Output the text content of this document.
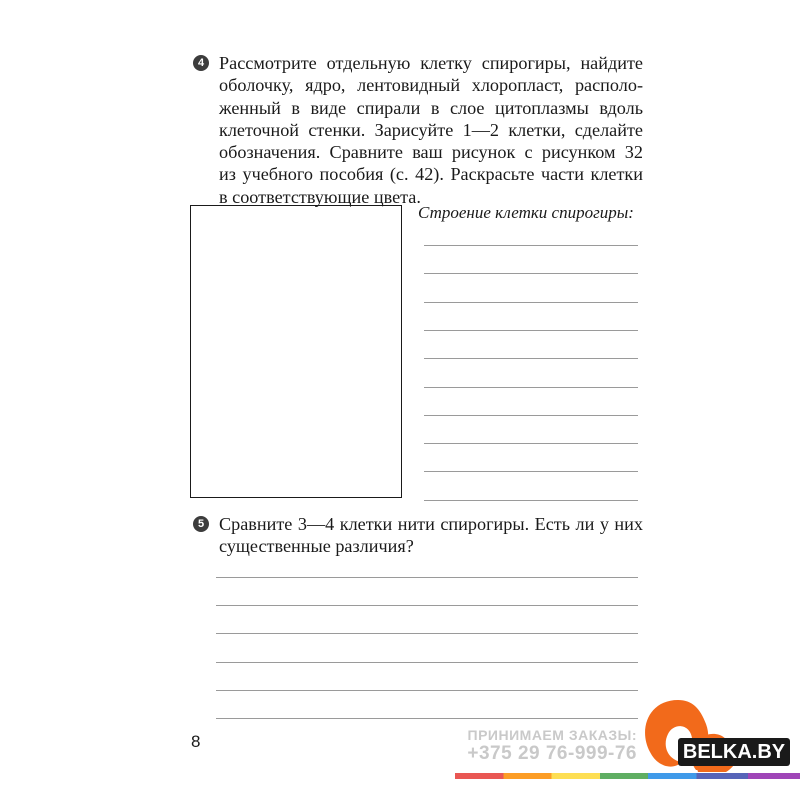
4 Рассмотрите отдельную клетку спирогиры, найдите
оболочку, ядро, лентовидный хлоропласт, располо-
женный в виде спирали в слое цитоплазмы вдоль
клеточной стенки. Зарисуйте 1—2 клетки, сделайте
обозначения. Сравните ваш рисунок с рисунком 32
из учебного пособия (с. 42). Раскрасьте части клетки
в соответствующие цвета.
Строение клетки спирогиры:
5 Сравните 3—4 клетки нити спирогиры. Есть ли у них
существенные различия?
8	ПРИНИМАЕМ ЗАКАЗЫ:
+375 29 76-999-76 BELKA.BY
